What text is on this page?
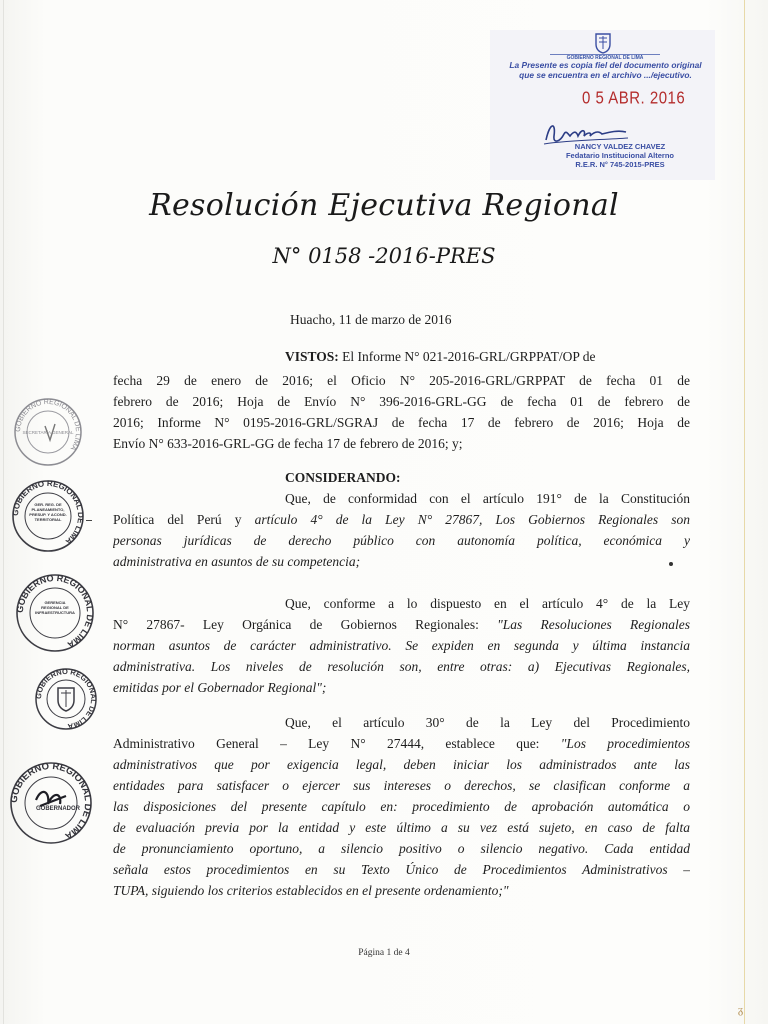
GOBIERNO REGIONAL DE LIMA
La Presente es copia fiel del documento original
que se encuentra en el archivo .../ejecutivo.
0 5 ABR. 2016
NANCY VALDEZ CHAVEZ
Fedatario Institucional Alterno
R.E.R. N° 745-2015-PRES
Resolución Ejecutiva Regional
N° 0158 -2016-PRES
Huacho, 11 de marzo de 2016
VISTOS: El Informe N° 021-2016-GRL/GRPPAT/OP de
fecha 29 de enero de 2016; el Oficio N° 205-2016-GRL/GRPPAT de fecha 01 de
febrero de 2016; Hoja de Envío N° 396-2016-GRL-GG de fecha 01 de febrero de
2016; Informe N° 0195-2016-GRL/SGRAJ de fecha 17 de febrero de 2016; Hoja de
Envío N° 633-2016-GRL-GG de fecha 17 de febrero de 2016; y;
CONSIDERANDO:
Que, de conformidad con el artículo 191° de la Constitución
Política del Perú y artículo 4° de la Ley N° 27867, Los Gobiernos Regionales son
personas jurídicas de derecho público con autonomía política, económica y
administrativa en asuntos de su competencia;
Que, conforme a lo dispuesto en el artículo 4° de la Ley
N° 27867- Ley Orgánica de Gobiernos Regionales: "Las Resoluciones Regionales
norman asuntos de carácter administrativo. Se expiden en segunda y última instancia
administrativa. Los niveles de resolución son, entre otras: a) Ejecutivas Regionales,
emitidas por el Gobernador Regional";
Que, el artículo 30° de la Ley del Procedimiento
Administrativo General – Ley N° 27444, establece que: "Los procedimientos
administrativos que por exigencia legal, deben iniciar los administrados ante las
entidades para satisfacer o ejercer sus intereses o derechos, se clasifican conforme a
las disposiciones del presente capítulo en: procedimiento de aprobación automática o
de evaluación previa por la entidad y este último a su vez está sujeto, en caso de falta
de pronunciamiento oportuno, a silencio positivo o silencio negativo. Cada entidad
señala estos procedimientos en su Texto Único de Procedimientos Administrativos –
TUPA, siguiendo los criterios establecidos en el presente ordenamiento;"
Página 1 de 4
GOBIERNO REGIONAL DE LIMA
SECRETARÍA GENERAL
GOBIERNO REGIONAL DE LIMA
GER. REG. DE PLANEAMIENTO, PRESUP. Y ACOND. TERRITORIAL
GOBIERNO REGIONAL DE LIMA
GERENCIA REGIONAL DE INFRAESTRUCTURA
GOBIERNO REGIONAL DE LIMA
GOBIERNO REGIONAL DE LIMA
GOBERNADOR
ᵹ
